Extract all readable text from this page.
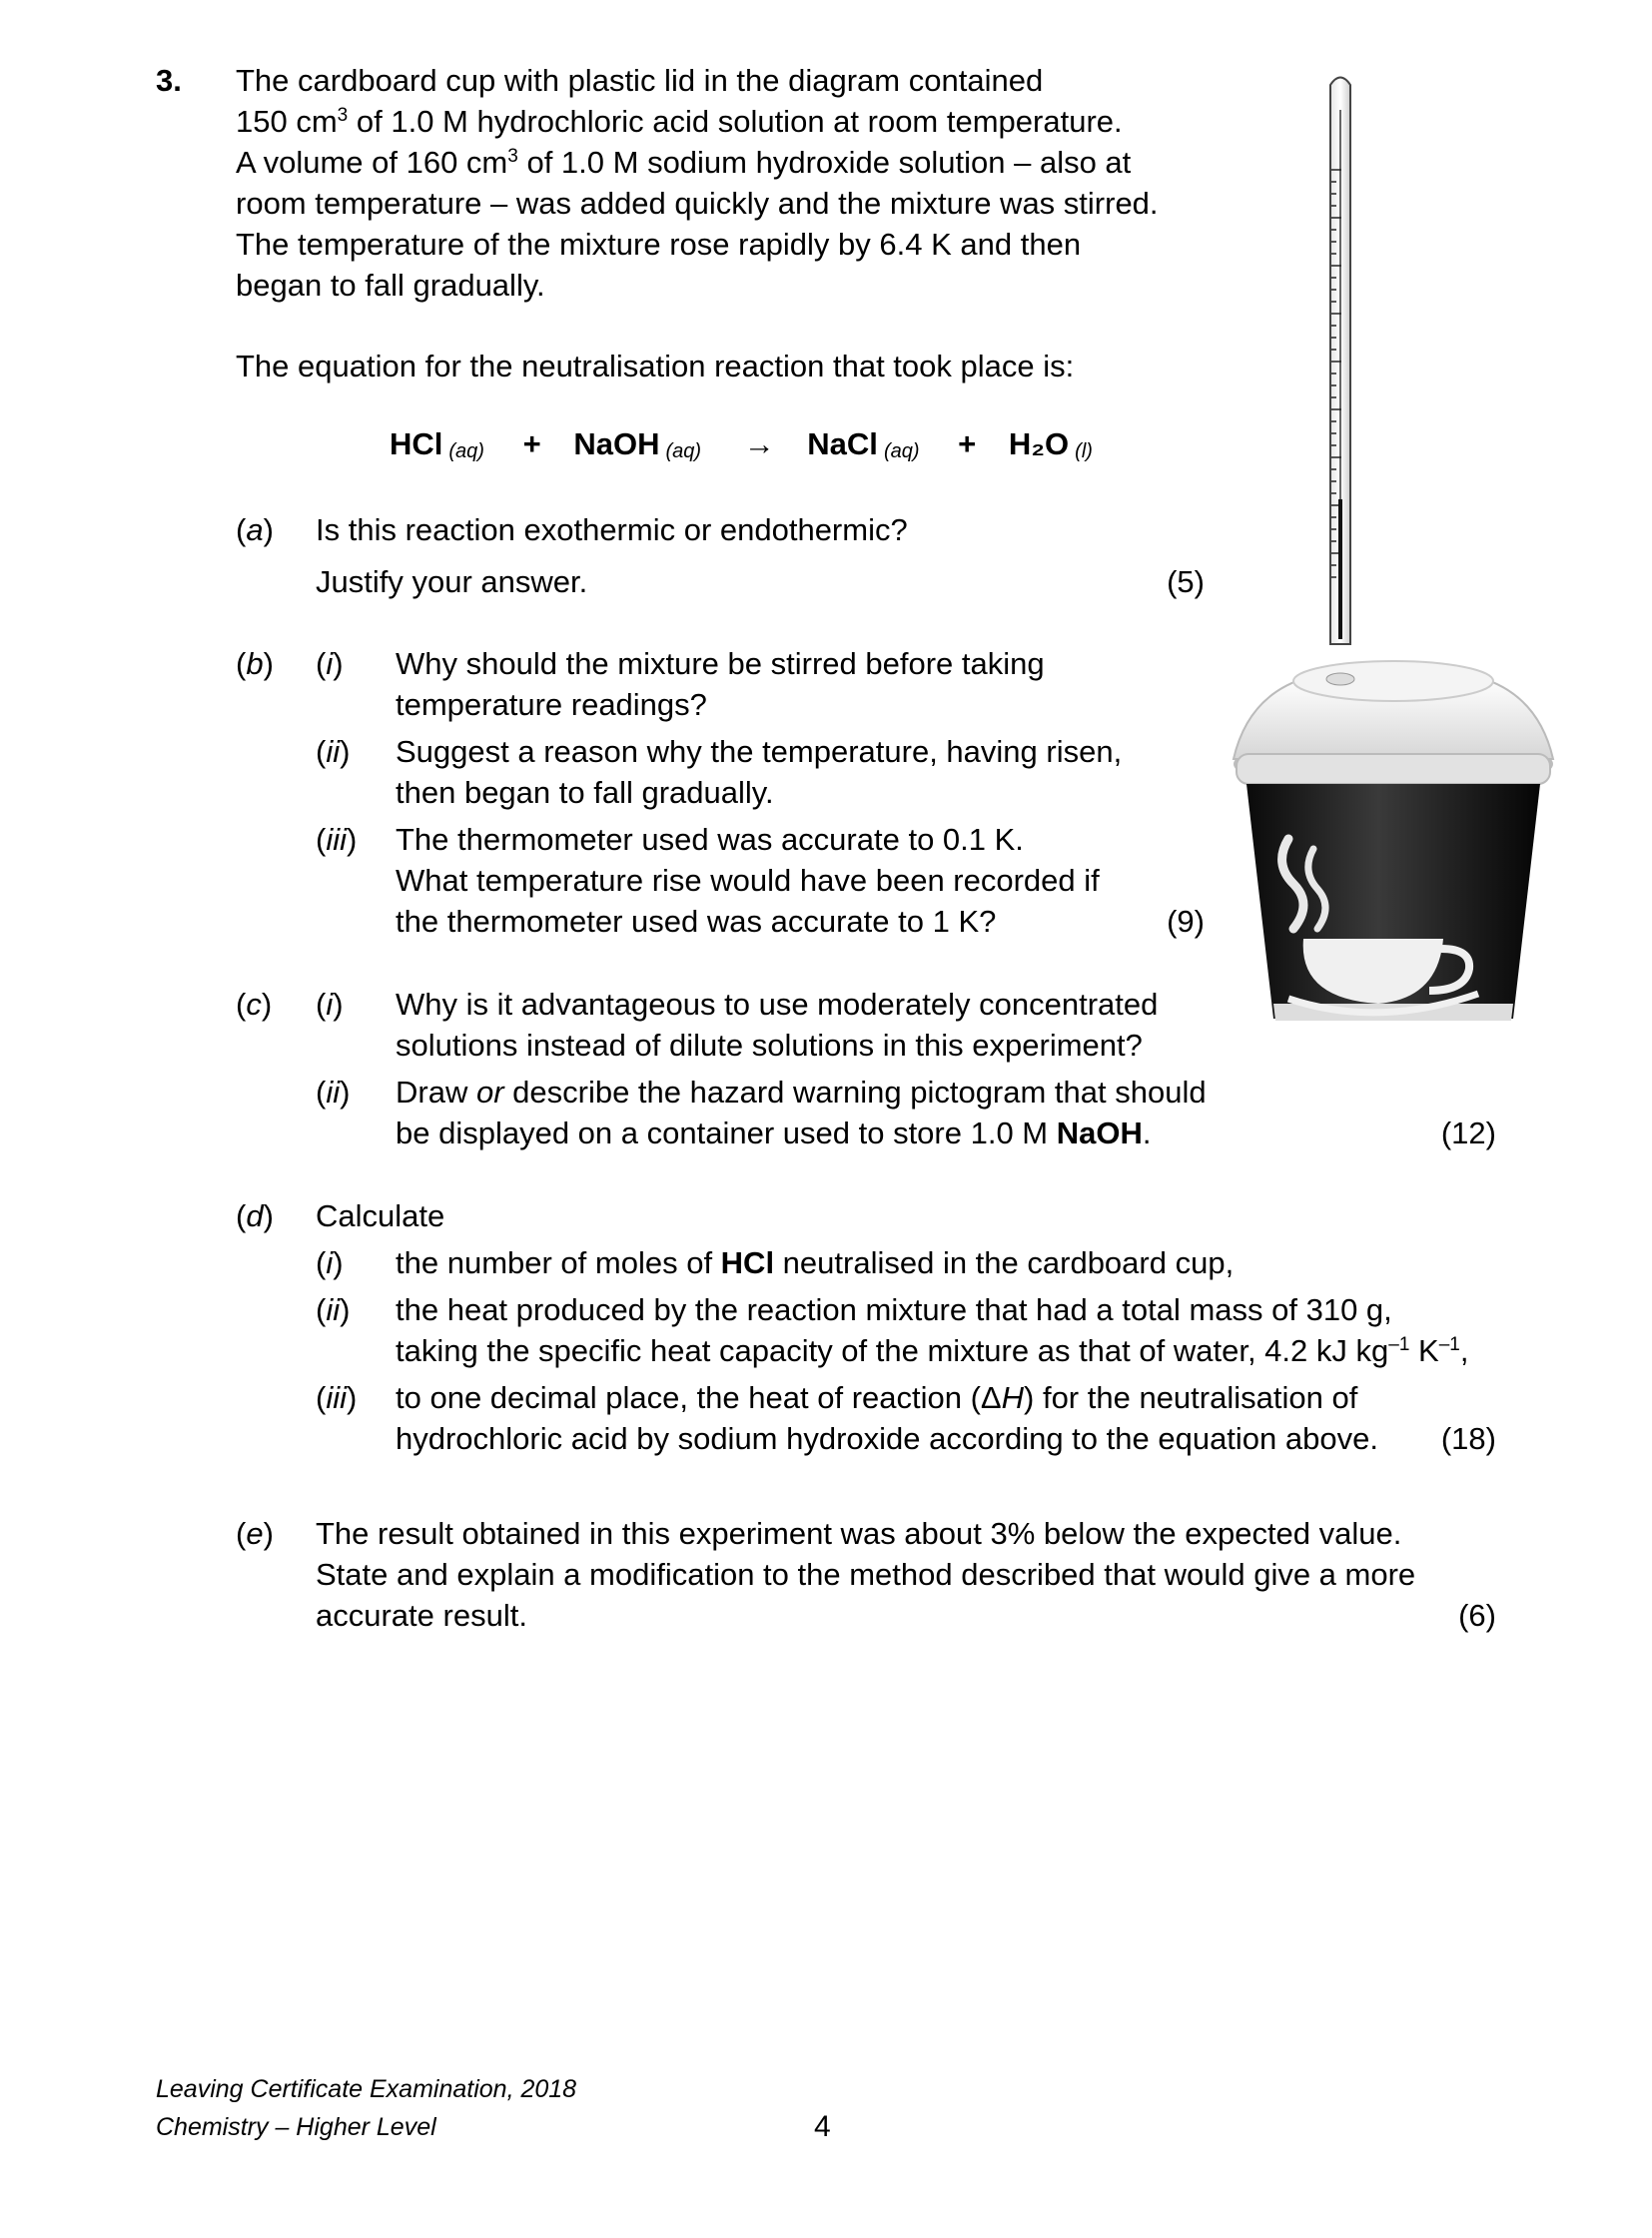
3. The cardboard cup with plastic lid in the diagram contained
150 $cm^3$ of 1.0 M hydrochloric acid solution at room temperature.
A volume of 160 $cm^3$ of 1.0 M sodium hydroxide solution – also at
room temperature – was added quickly and the mixture was stirred.
The temperature of the mixture rose rapidly by 6.4 K and then
began to fall gradually.
The equation for the neutralisation reaction that took place is:
HCl (aq) + NaOH (aq) → NaCl (aq) + H₂O (l)
(a) Is this reaction exothermic or endothermic?
Justify your answer.	(5)
(b) (i) Why should the mixture be stirred before taking
temperature readings?
(ii) Suggest a reason why the temperature, having risen,
then began to fall gradually.
(iii) The thermometer used was accurate to 0.1 K.
What temperature rise would have been recorded if
the thermometer used was accurate to 1 K?	(9)
(c) (i) Why is it advantageous to use moderately concentrated
solutions instead of dilute solutions in this experiment?
(ii) Draw or describe the hazard warning pictogram that should
be displayed on a container used to store 1.0 M NaOH.	(12)
(d) Calculate
(i) the number of moles of HCl neutralised in the cardboard cup,
(ii) the heat produced by the reaction mixture that had a total mass of 310 g,
taking the specific heat capacity of the mixture as that of water, 4.2 kJ $kg^{-1}$ $K^{-1}$,
(iii) to one decimal place, the heat of reaction (ΔH) for the neutralisation of
hydrochloric acid by sodium hydroxide according to the equation above. (18)
(e) The result obtained in this experiment was about 3% below the expected value.
State and explain a modification to the method described that would give a more
accurate result.	(6)
Leaving Certificate Examination, 2018
Chemistry – Higher Level	4
